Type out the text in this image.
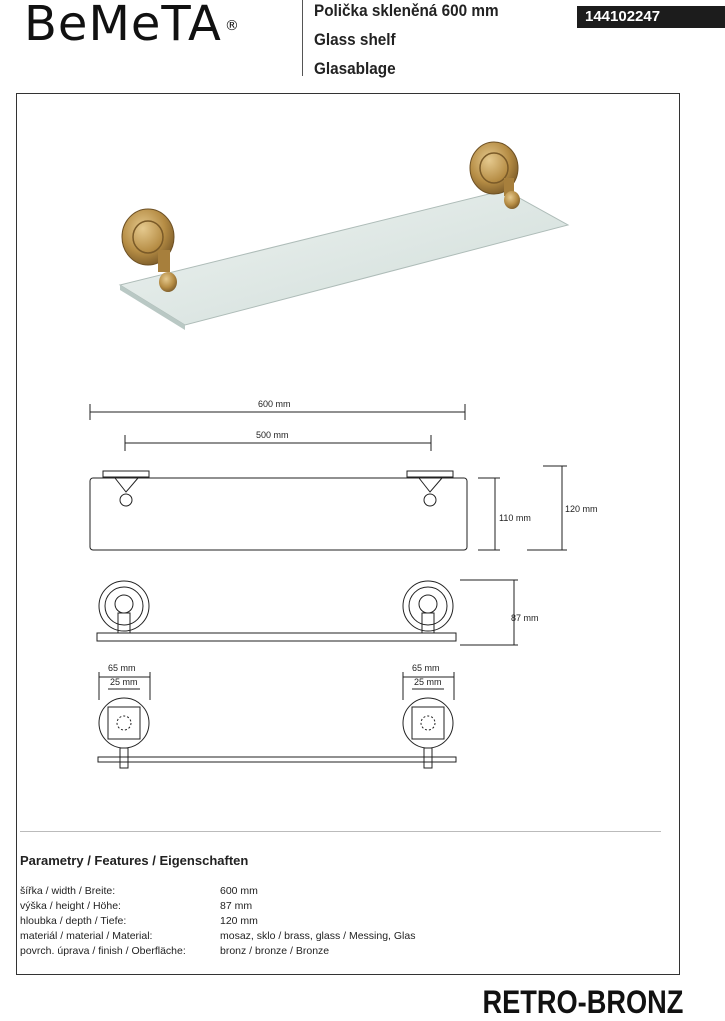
BeMeTA ®
Polička skleněná 600 mm
Glass shelf
Glasablage
144102247
600 mm
500 mm
110 mm
120 mm
87 mm
65 mm
25 mm
65 mm
25 mm
Parametry / Features / Eigenschaften
šířka / width / Breite:	600 mm
výška / height / Höhe:	87 mm
hloubka / depth / Tiefe:	120 mm
materiál / material / Material:	mosaz, sklo / brass, glass / Messing, Glas
povrch. úprava / finish / Oberfläche:	bronz / bronze / Bronze
RETRO-BRONZ
